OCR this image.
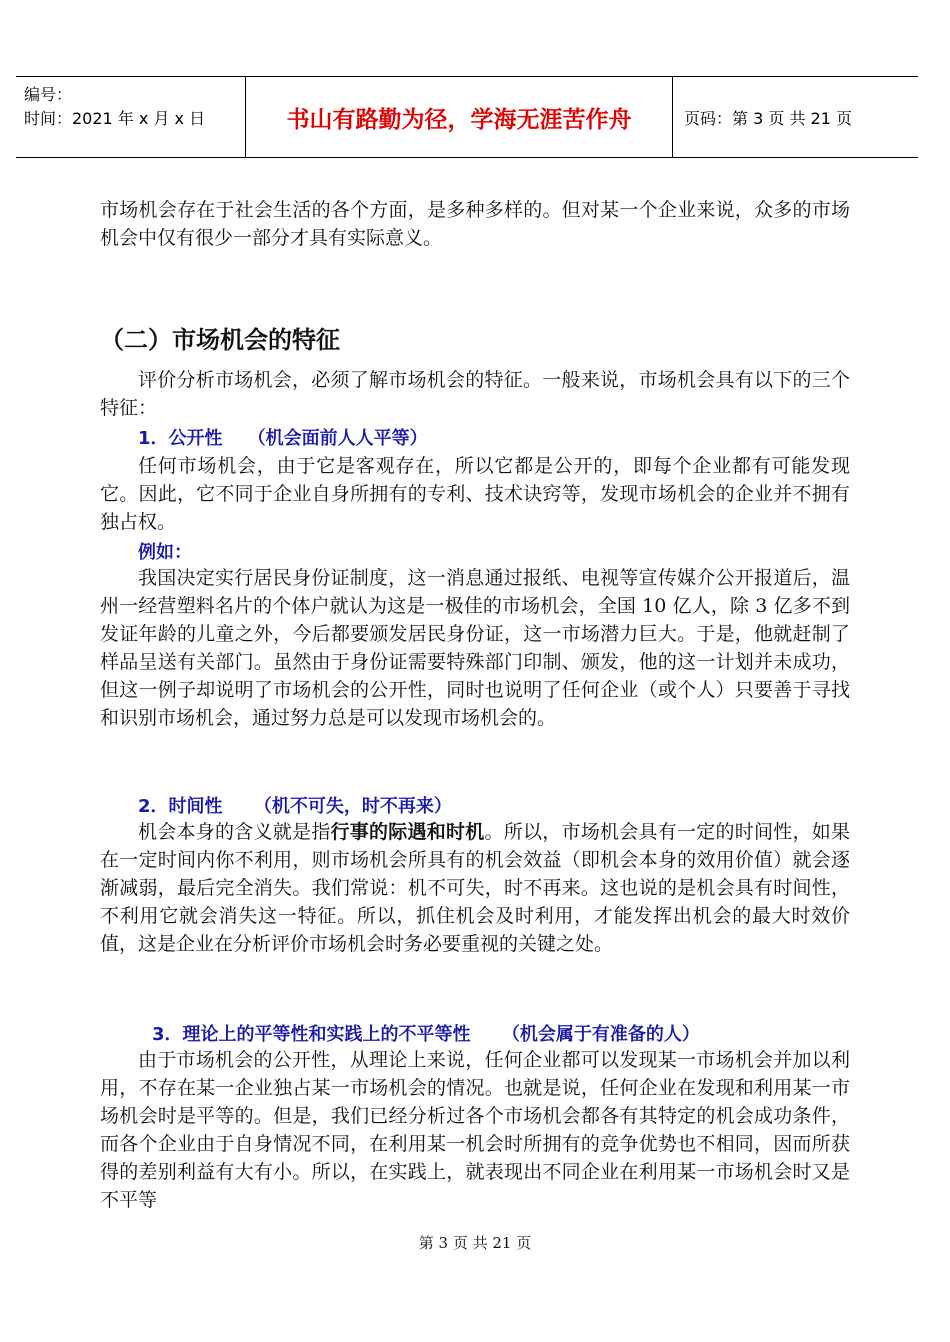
编号：
时间：2021 年 x 月 x 日	书山有路勤为径，学海无涯苦作舟	页码：第 3 页 共 21 页
市场机会存在于社会生活的各个方面，是多种多样的。但对某一个企业来说，众多的市场机会中仅有很少一部分才具有实际意义。
（二）市场机会的特征
评价分析市场机会，必须了解市场机会的特征。一般来说，市场机会具有以下的三个特征：
1．公开性    （机会面前人人平等）
任何市场机会，由于它是客观存在，所以它都是公开的，即每个企业都有可能发现它。因此，它不同于企业自身所拥有的专利、技术诀窍等，发现市场机会的企业并不拥有独占权。
例如：
我国决定实行居民身份证制度，这一消息通过报纸、电视等宣传媒介公开报道后，温州一经营塑料名片的个体户就认为这是一极佳的市场机会，全国 10 亿人，除 3 亿多不到发证年龄的儿童之外，今后都要颁发居民身份证，这一市场潜力巨大。于是，他就赶制了样品呈送有关部门。虽然由于身份证需要特殊部门印制、颁发，他的这一计划并未成功，但这一例子却说明了市场机会的公开性，同时也说明了任何企业（或个人）只要善于寻找和识别市场机会，通过努力总是可以发现市场机会的。
2．时间性     （机不可失，时不再来）
机会本身的含义就是指行事的际遇和时机。所以，市场机会具有一定的时间性，如果在一定时间内你不利用，则市场机会所具有的机会效益（即机会本身的效用价值）就会逐渐减弱，最后完全消失。我们常说：机不可失，时不再来。这也说的是机会具有时间性，不利用它就会消失这一特征。所以，抓住机会及时利用，才能发挥出机会的最大时效价值，这是企业在分析评价市场机会时务必要重视的关键之处。
3．理论上的平等性和实践上的不平等性     （机会属于有准备的人）
由于市场机会的公开性，从理论上来说，任何企业都可以发现某一市场机会并加以利用，不存在某一企业独占某一市场机会的情况。也就是说，任何企业在发现和利用某一市场机会时是平等的。但是，我们已经分析过各个市场机会都各有其特定的机会成功条件，而各个企业由于自身情况不同，在利用某一机会时所拥有的竞争优势也不相同，因而所获得的差别利益有大有小。所以，在实践上，就表现出不同企业在利用某一市场机会时又是不平等
第 3 页 共 21 页
